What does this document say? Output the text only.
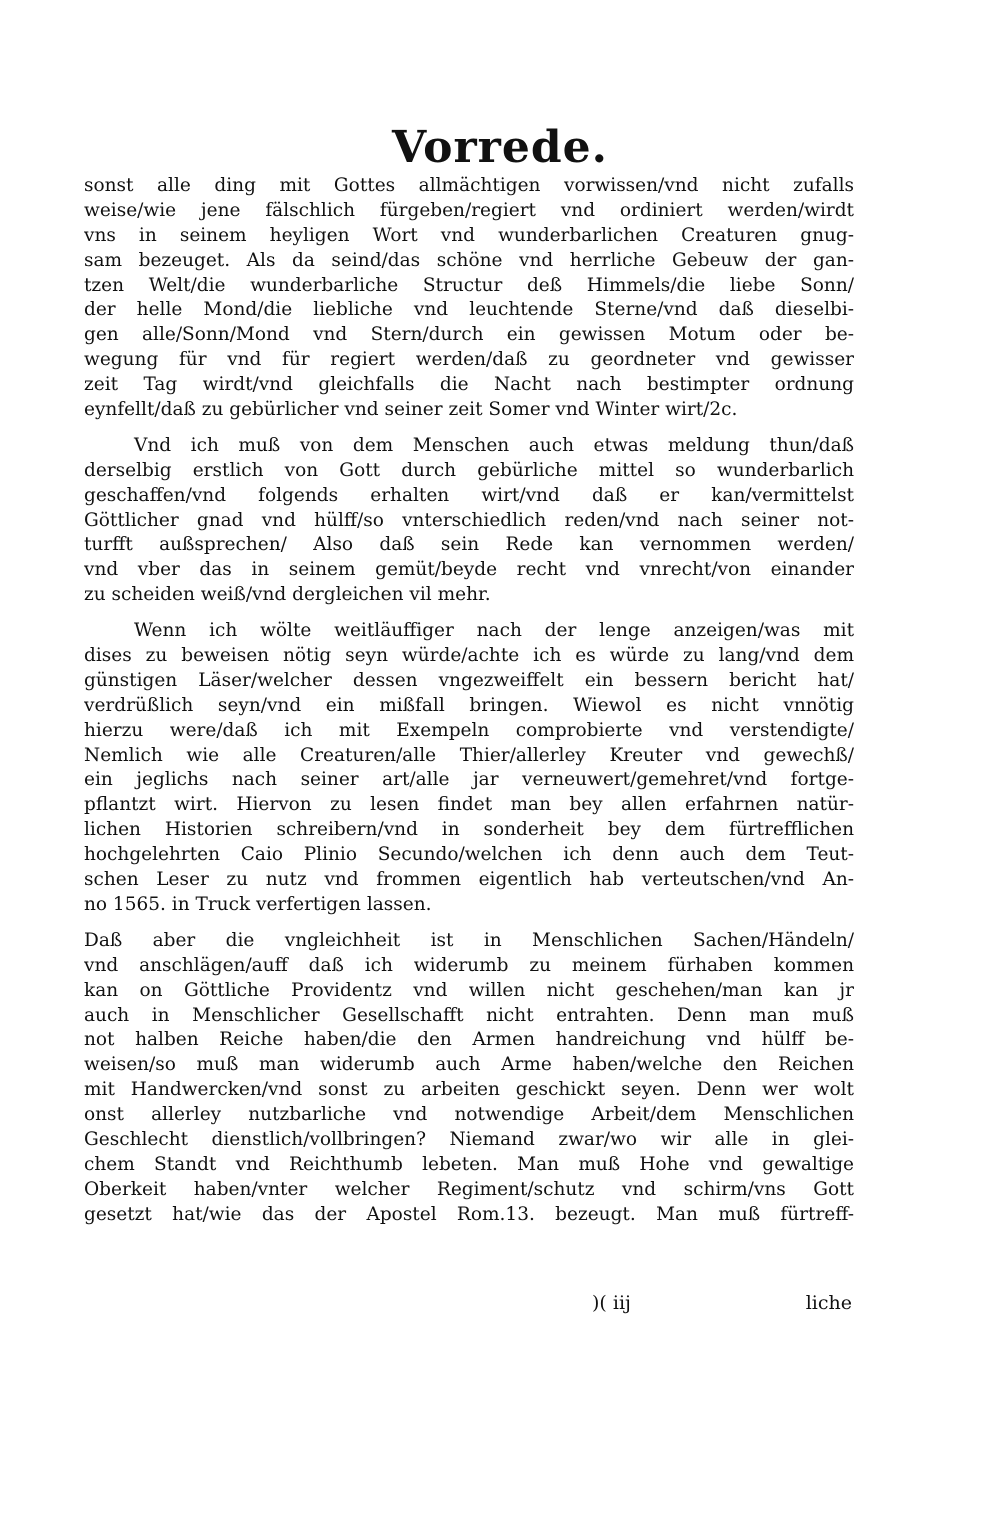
Vorrede.
sonst alle ding mit Gottes allmächtigen vorwissen/vnd nicht zufalls
weise/wie jene fälschlich fürgeben/regiert vnd ordiniert werden/wirdt
vns in seinem heyligen Wort vnd wunderbarlichen Creaturen gnug-
sam bezeuget. Als da seind/das schöne vnd herrliche Gebeuw der gan-
tzen Welt/die wunderbarliche Structur deß Himmels/die liebe Sonn/
der helle Mond/die liebliche vnd leuchtende Sterne/vnd daß dieselbi-
gen alle/Sonn/Mond vnd Stern/durch ein gewissen Motum oder be-
wegung für vnd für regiert werden/daß zu geordneter vnd gewisser
zeit Tag wirdt/vnd gleichfalls die Nacht nach bestimpter ordnung
eynfellt/daß zu gebürlicher vnd seiner zeit Somer vnd Winter wirt/2c.
Vnd ich muß von dem Menschen auch etwas meldung thun/daß
derselbig erstlich von Gott durch gebürliche mittel so wunderbarlich
geschaffen/vnd folgends erhalten wirt/vnd daß er kan/vermittelst
Göttlicher gnad vnd hülff/so vnterschiedlich reden/vnd nach seiner not-
turfft außsprechen/ Also daß sein Rede kan vernommen werden/
vnd vber das in seinem gemüt/beyde recht vnd vnrecht/von einander
zu scheiden weiß/vnd dergleichen vil mehr.
Wenn ich wölte weitläuffiger nach der lenge anzeigen/was mit
dises zu beweisen nötig seyn würde/achte ich es würde zu lang/vnd dem
günstigen Läser/welcher dessen vngezweiffelt ein bessern bericht hat/
verdrüßlich seyn/vnd ein mißfall bringen. Wiewol es nicht vnnötig
hierzu were/daß ich mit Exempeln comprobierte vnd verstendigte/
Nemlich wie alle Creaturen/alle Thier/allerley Kreuter vnd gewechß/
ein jeglichs nach seiner art/alle jar verneuwert/gemehret/vnd fortge-
pflantzt wirt. Hiervon zu lesen findet man bey allen erfahrnen natür-
lichen Historien schreibern/vnd in sonderheit bey dem fürtrefflichen
hochgelehrten Caio Plinio Secundo/welchen ich denn auch dem Teut-
schen Leser zu nutz vnd frommen eigentlich hab verteutschen/vnd An-
no 1565. in Truck verfertigen lassen.
Daß aber die vngleichheit ist in Menschlichen Sachen/Händeln/
vnd anschlägen/auff daß ich widerumb zu meinem fürhaben kommen
kan on Göttliche Providentz vnd willen nicht geschehen/man kan jr
auch in Menschlicher Gesellschafft nicht entrahten. Denn man muß
not halben Reiche haben/die den Armen handreichung vnd hülff be-
weisen/so muß man widerumb auch Arme haben/welche den Reichen
mit Handwercken/vnd sonst zu arbeiten geschickt seyen. Denn wer wolt
onst allerley nutzbarliche vnd notwendige Arbeit/dem Menschlichen
Geschlecht dienstlich/vollbringen? Niemand zwar/wo wir alle in glei-
chem Standt vnd Reichthumb lebeten. Man muß Hohe vnd gewaltige
Oberkeit haben/vnter welcher Regiment/schutz vnd schirm/vns Gott
gesetzt hat/wie das der Apostel Rom.13. bezeugt. Man muß fürtreff-
)( iij	liche
